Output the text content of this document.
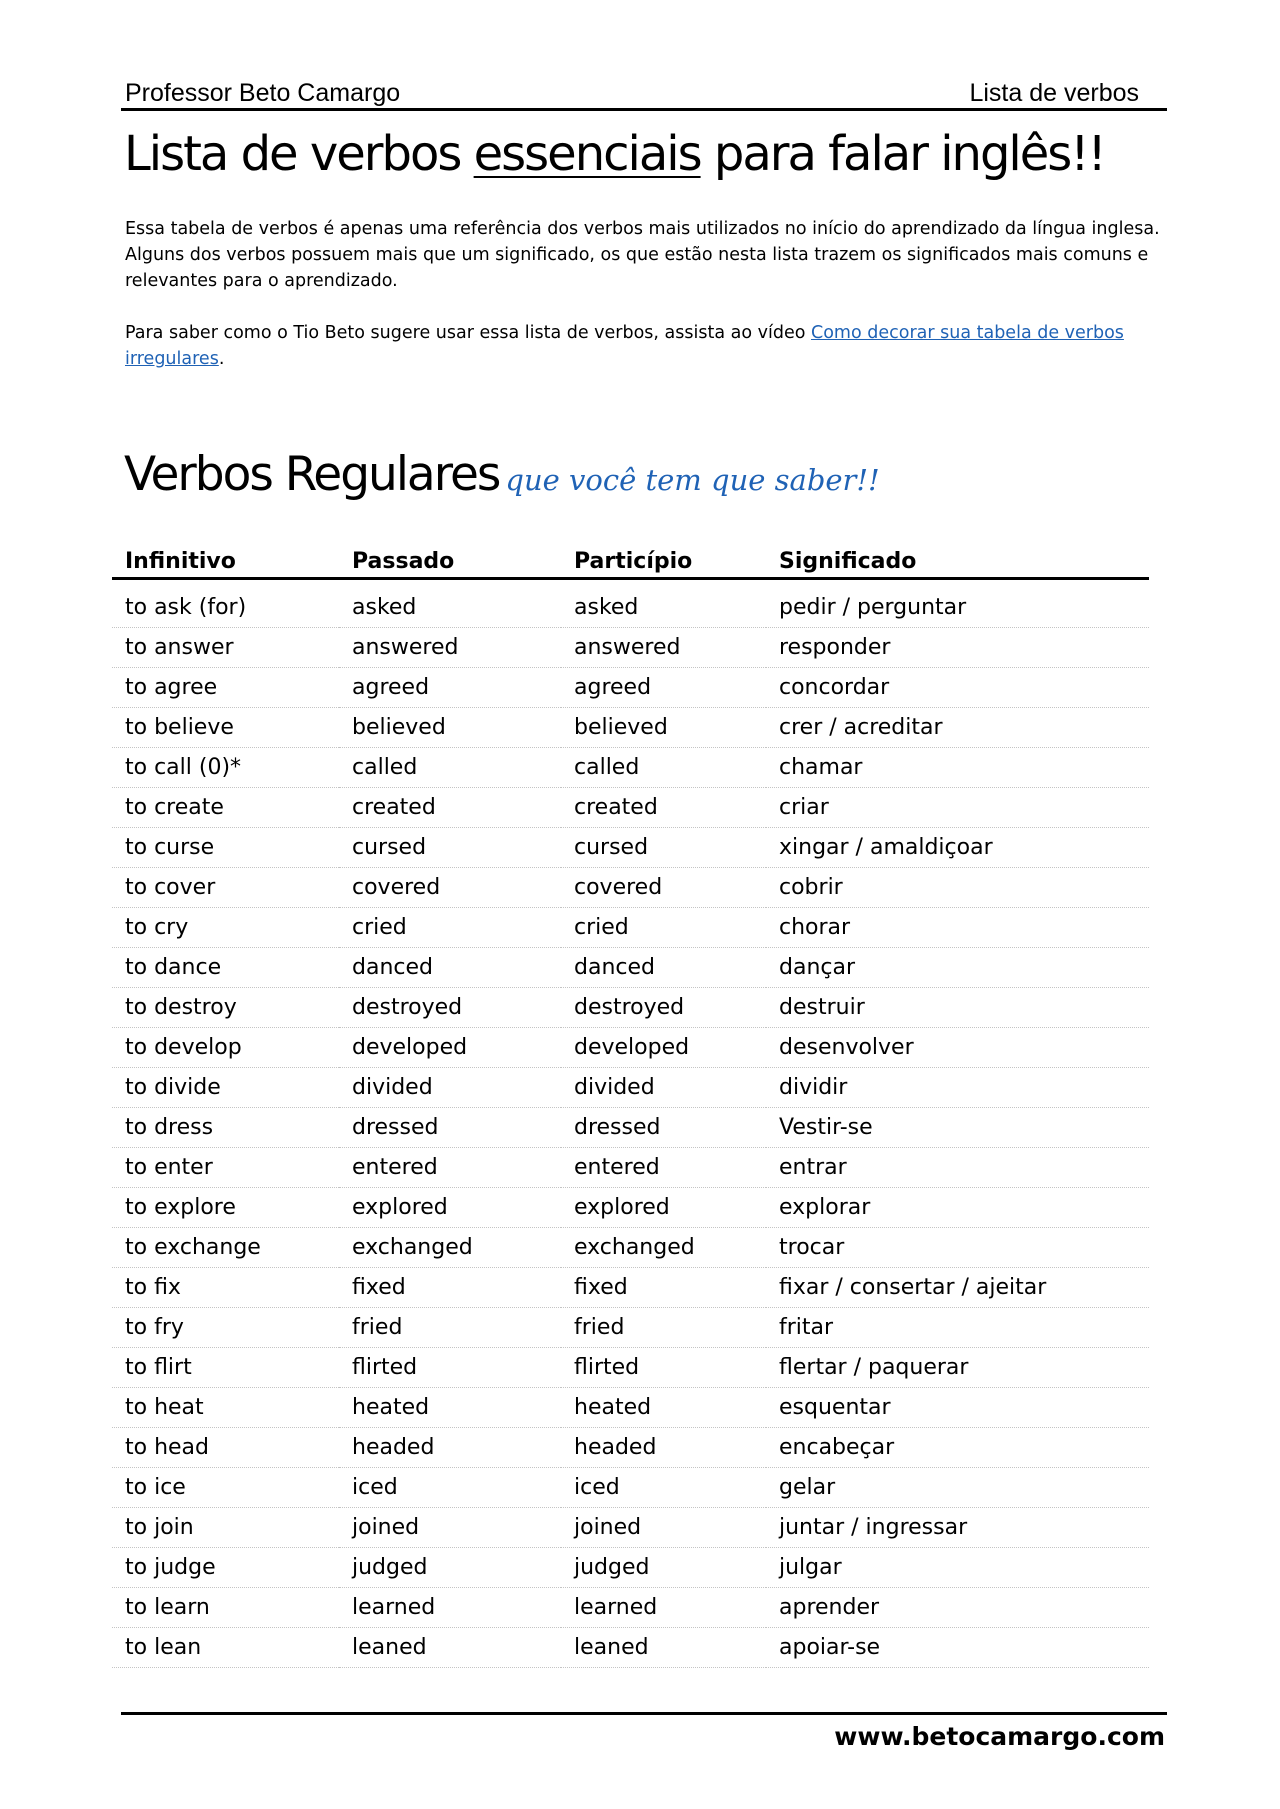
Professor Beto Camargo	Lista de verbos
Lista de verbos essenciais para falar inglês!!

Essa tabela de verbos é apenas uma referência dos verbos mais utilizados no início do aprendizado da língua inglesa. Alguns dos verbos possuem mais que um significado, os que estão nesta lista trazem os significados mais comuns e relevantes para o aprendizado.

Para saber como o Tio Beto sugere usar essa lista de verbos, assista ao vídeo Como decorar sua tabela de verbos irregulares.

Verbos Regulares que você tem que saber!!
Infinitivo	Passado	Particípio	Significado

to ask (for)	asked	asked	pedir / perguntar
to answer	answered	answered	responder
to agree	agreed	agreed	concordar
to believe	believed	believed	crer / acreditar
to call (0)*	called	called	chamar
to create	created	created	criar
to curse	cursed	cursed	xingar / amaldiçoar
to cover	covered	covered	cobrir
to cry	cried	cried	chorar
to dance	danced	danced	dançar
to destroy	destroyed	destroyed	destruir
to develop	developed	developed	desenvolver
to divide	divided	divided	dividir
to dress	dressed	dressed	Vestir-se
to enter	entered	entered	entrar
to explore	explored	explored	explorar
to exchange	exchanged	exchanged	trocar
to fix	fixed	fixed	fixar / consertar / ajeitar
to fry	fried	fried	fritar
to flirt	flirted	flirted	flertar / paquerar
to heat	heated	heated	esquentar
to head	headed	headed	encabeçar
to ice	iced	iced	gelar
to join	joined	joined	juntar / ingressar
to judge	judged	judged	julgar
to learn	learned	learned	aprender
to lean	leaned	leaned	apoiar-se
www.betocamargo.com
